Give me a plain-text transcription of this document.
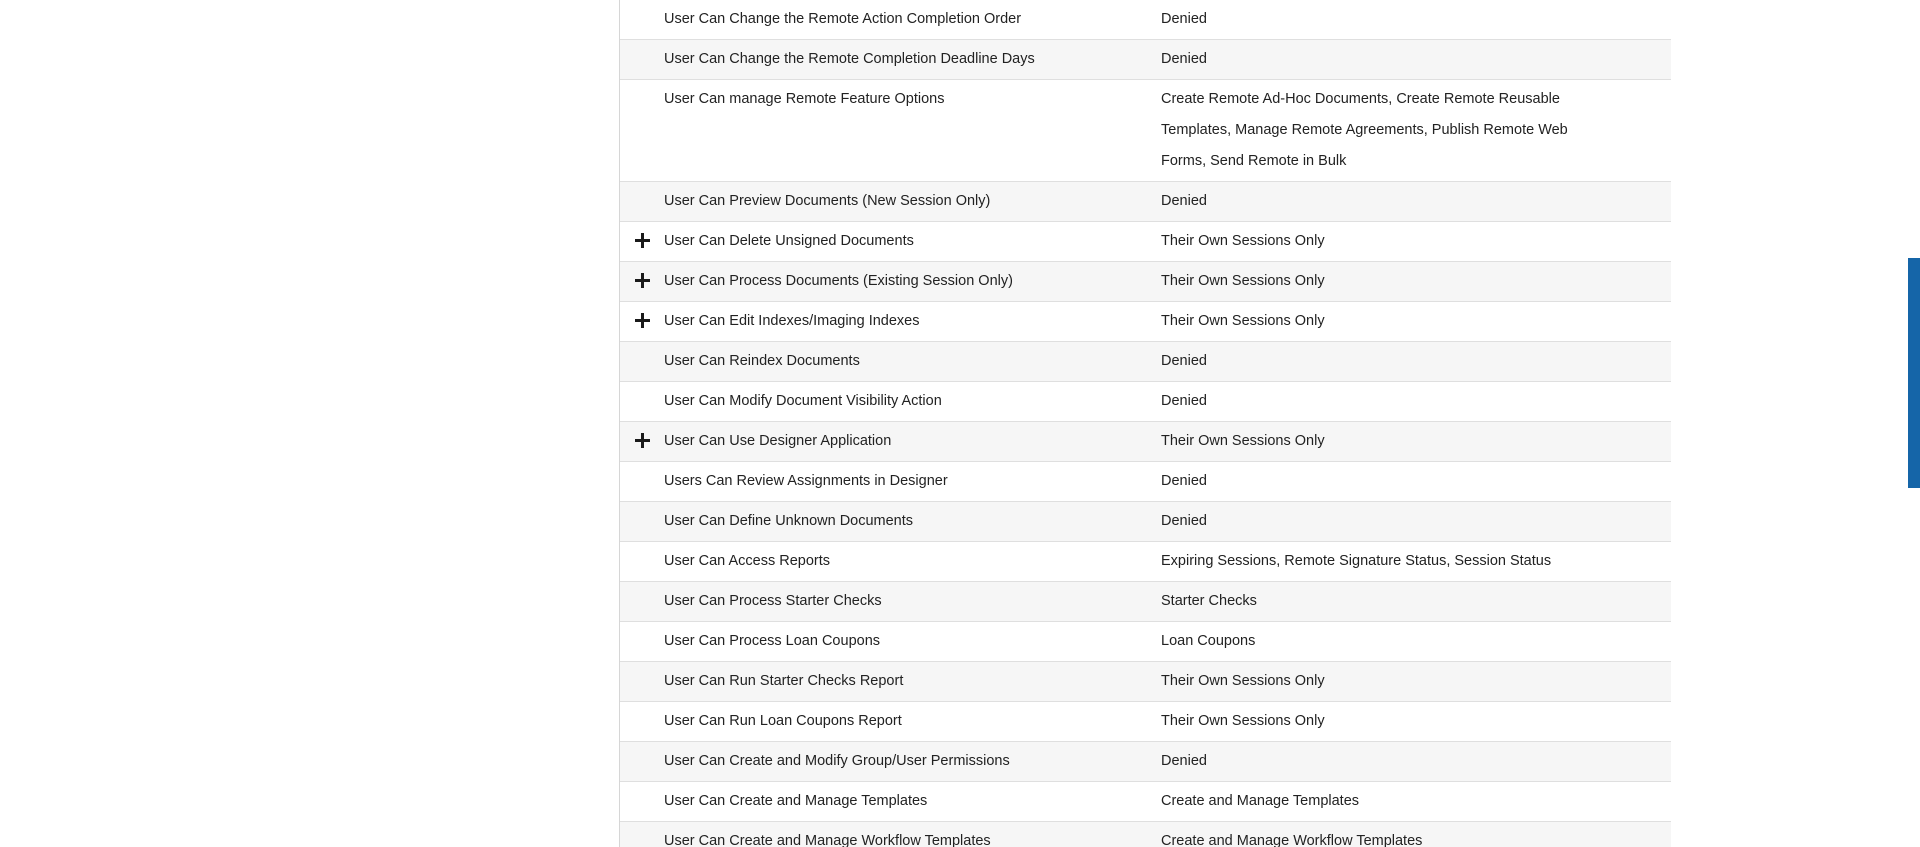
User Can Change the Remote Action Completion Order	Denied
User Can Change the Remote Completion Deadline Days	Denied
User Can manage Remote Feature Options	Create Remote Ad-Hoc Documents, Create Remote Reusable
Templates, Manage Remote Agreements, Publish Remote Web
Forms, Send Remote in Bulk
User Can Preview Documents (New Session Only)	Denied
User Can Delete Unsigned Documents	Their Own Sessions Only
User Can Process Documents (Existing Session Only)	Their Own Sessions Only
User Can Edit Indexes/Imaging Indexes	Their Own Sessions Only
User Can Reindex Documents	Denied
User Can Modify Document Visibility Action	Denied
User Can Use Designer Application	Their Own Sessions Only
Users Can Review Assignments in Designer	Denied
User Can Define Unknown Documents	Denied
User Can Access Reports	Expiring Sessions, Remote Signature Status, Session Status
User Can Process Starter Checks	Starter Checks
User Can Process Loan Coupons	Loan Coupons
User Can Run Starter Checks Report	Their Own Sessions Only
User Can Run Loan Coupons Report	Their Own Sessions Only
User Can Create and Modify Group/User Permissions	Denied
User Can Create and Manage Templates	Create and Manage Templates
User Can Create and Manage Workflow Templates	Create and Manage Workflow Templates
